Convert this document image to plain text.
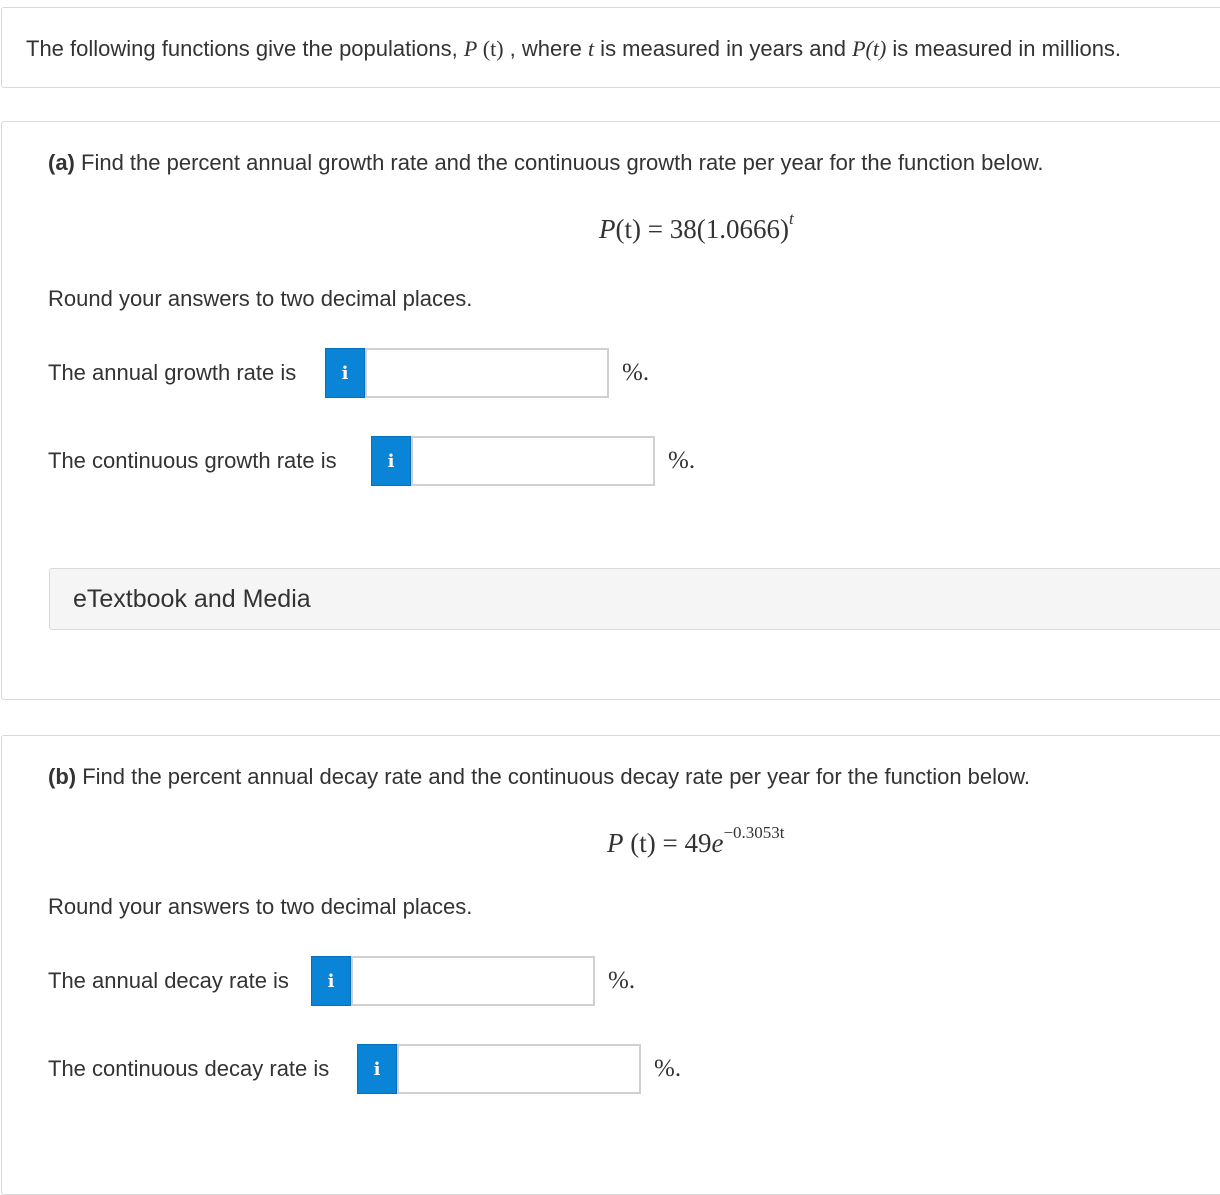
The following functions give the populations, P (t) , where t is measured in years and P(t) is measured in millions.
(a) Find the percent annual growth rate and the continuous growth rate per year for the function below.
$P(t) = 38(1.0666)^t$
Round your answers to two decimal places.
The annual growth rate is	i	%.
The continuous growth rate is	i	%.
eTextbook and Media
(b) Find the percent annual decay rate and the continuous decay rate per year for the function below.
P $(t) = 49e^{-0.3053t}$
Round your answers to two decimal places.
The annual decay rate is i	%.
The continuous decay rate is i	%.
